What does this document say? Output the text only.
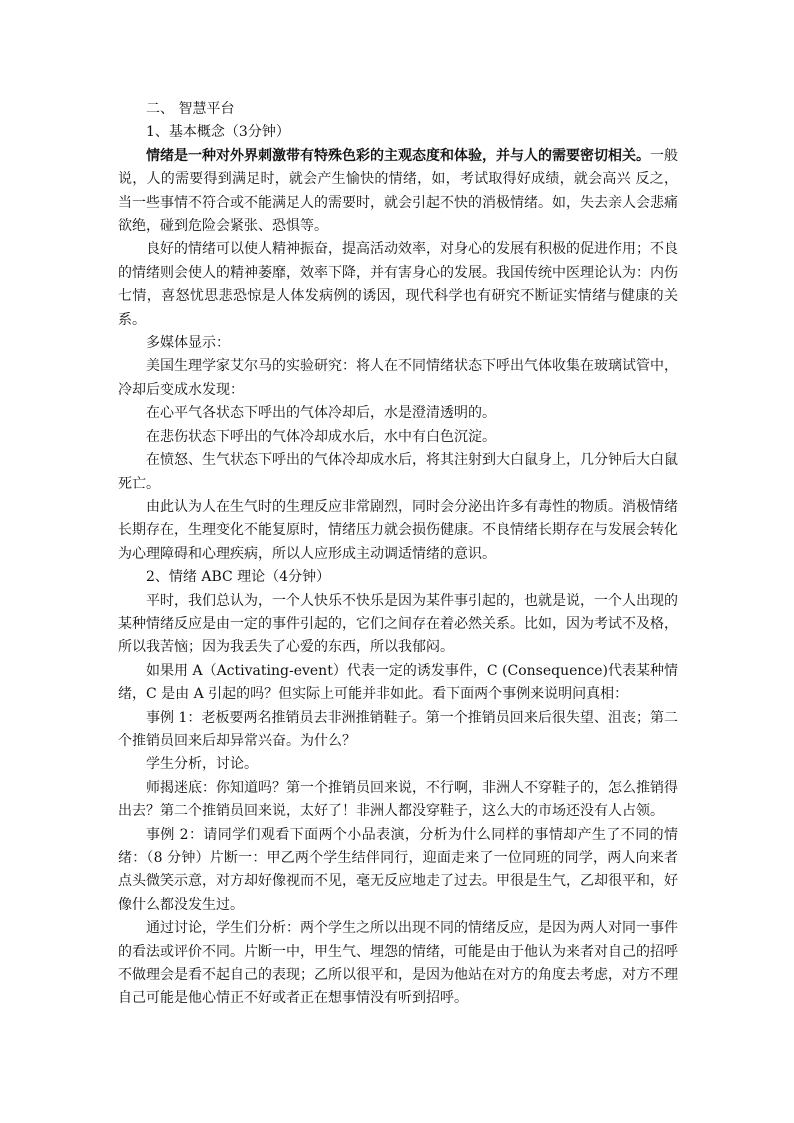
二、 智慧平台

1、基本概念（3分钟）

情绪是一种对外界刺激带有特殊色彩的主观态度和体验，并与人的需要密切相关。一般说，人的需要得到满足时，就会产生愉快的情绪，如，考试取得好成绩，就会高兴 反之，当一些事情不符合或不能满足人的需要时，就会引起不快的消极情绪。如，失去亲人会悲痛欲绝，碰到危险会紧张、恐惧等。

良好的情绪可以使人精神振奋，提高活动效率，对身心的发展有积极的促进作用；不良的情绪则会使人的精神萎靡，效率下降，并有害身心的发展。我国传统中医理论认为：内伤七情，喜怒忧思悲恐惊是人体发病例的诱因，现代科学也有研究不断证实情绪与健康的关系。

多媒体显示：

美国生理学家艾尔马的实验研究：将人在不同情绪状态下呼出气体收集在玻璃试管中，冷却后变成水发现：

在心平气各状态下呼出的气体冷却后，水是澄清透明的。

在悲伤状态下呼出的气体冷却成水后，水中有白色沉淀。

在愤怒、生气状态下呼出的气体冷却成水后，将其注射到大白鼠身上，几分钟后大白鼠死亡。

由此认为人在生气时的生理反应非常剧烈，同时会分泌出许多有毒性的物质。消极情绪长期存在，生理变化不能复原时，情绪压力就会损伤健康。不良情绪长期存在与发展会转化为心理障碍和心理疾病，所以人应形成主动调适情绪的意识。

2、情绪 ABC 理论（4分钟）

平时，我们总认为，一个人快乐不快乐是因为某件事引起的，也就是说，一个人出现的某种情绪反应是由一定的事件引起的，它们之间存在着必然关系。比如，因为考试不及格，所以我苦恼；因为我丢失了心爱的东西，所以我郁闷。

如果用 A（Activating-event）代表一定的诱发事件，C (Consequence)代表某种情绪，C 是由 A 引起的吗？但实际上可能并非如此。看下面两个事例来说明问真相：

事例 1：老板要两名推销员去非洲推销鞋子。第一个推销员回来后很失望、沮丧；第二个推销员回来后却异常兴奋。为什么？

学生分析，讨论。

师揭迷底：你知道吗？第一个推销员回来说，不行啊，非洲人不穿鞋子的，怎么推销得出去？第二个推销员回来说，太好了！非洲人都没穿鞋子，这么大的市场还没有人占领。

事例 2：请同学们观看下面两个小品表演，分析为什么同样的事情却产生了不同的情绪：（8 分钟）片断一：甲乙两个学生结伴同行，迎面走来了一位同班的同学，两人向来者点头微笑示意，对方却好像视而不见，毫无反应地走了过去。甲很是生气，乙却很平和，好像什么都没发生过。

通过讨论，学生们分析：两个学生之所以出现不同的情绪反应，是因为两人对同一事件的看法或评价不同。片断一中，甲生气、埋怨的情绪，可能是由于他认为来者对自己的招呼不做理会是看不起自己的表现；乙所以很平和，是因为他站在对方的角度去考虑，对方不理自己可能是他心情正不好或者正在想事情没有听到招呼。
